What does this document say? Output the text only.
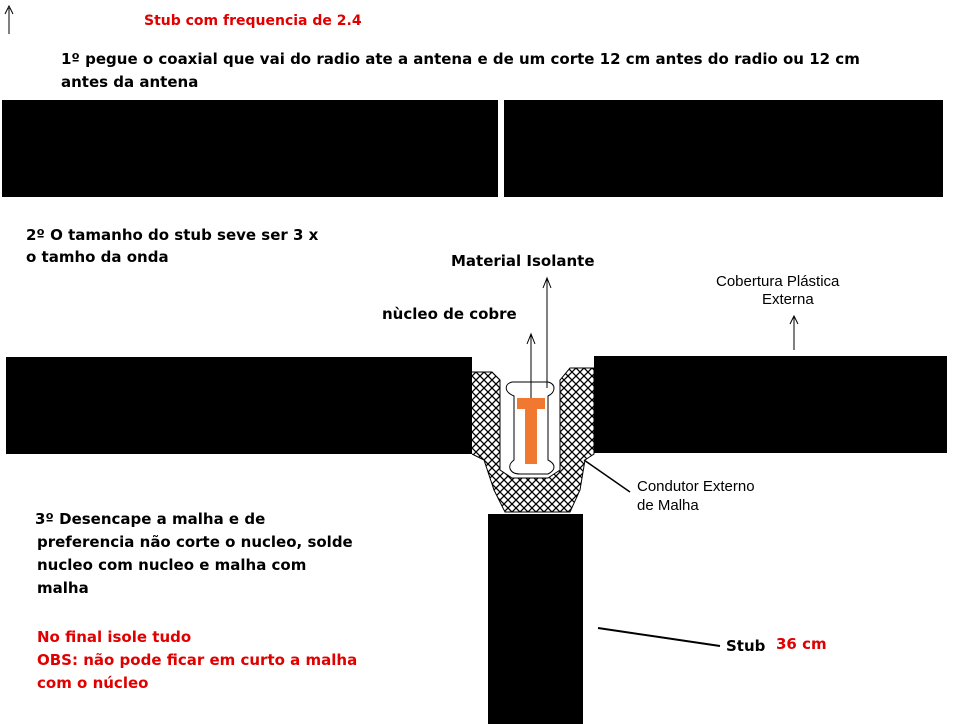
Stub com frequencia de 2.4
1º pegue o coaxial que vai do radio ate a antena e de um corte 12 cm antes do radio ou 12 cm
antes da antena
2º O tamanho do stub seve ser 3 x
o tamho da onda	Material Isolante
nùcleo de cobre
Cobertura Plástica
Externa
Condutor Externo
de Malha
Stub 36 cm
3º Desencape a malha e de
preferencia não corte o nucleo, solde
nucleo com nucleo e malha com
malha
No final isole tudo
OBS: não pode ficar em curto a malha
com o núcleo
